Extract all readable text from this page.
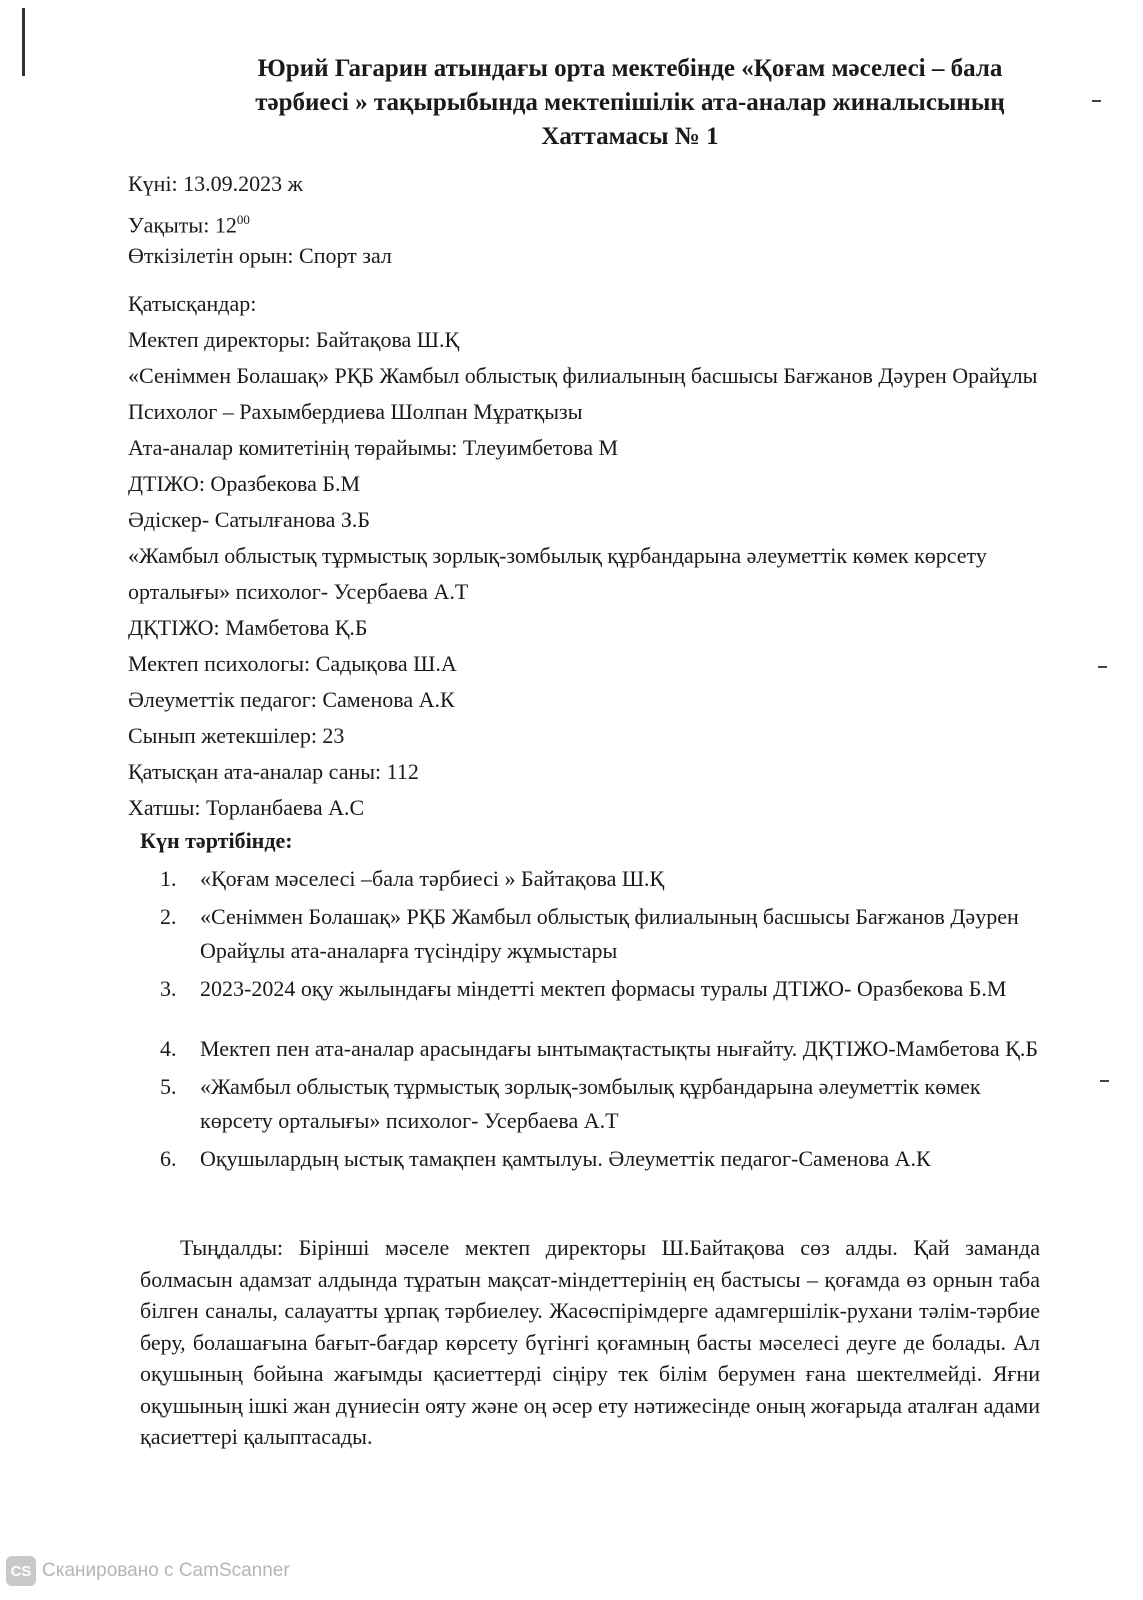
Юрий Гагарин атындағы орта мектебінде «Қоғам мәселесі – бала
тәрбиесі » тақырыбында мектепішілік ата-аналар жиналысының
Хаттамасы № 1
Күні: 13.09.2023 ж
Уақыты: $12^{00}$
Өткізілетін орын: Спорт зал
Қатысқандар:
Мектеп директоры: Байтақова Ш.Қ
«Сеніммен Болашақ» РҚБ Жамбыл облыстық филиалының басшысы Бағжанов Дәурен Орайұлы
Психолог – Рахымбердиева Шолпан Мұратқызы
Ата-аналар комитетінің төрайымы: Тлеуимбетова М
ДТІЖО: Оразбекова Б.М
Әдіскер- Сатылғанова З.Б
«Жамбыл облыстық тұрмыстық зорлық-зомбылық құрбандарына әлеуметтік көмек көрсету орталығы» психолог- Усербаева А.Т
ДҚТІЖО: Мамбетова Қ.Б
Мектеп психологы: Садықова Ш.А
Әлеуметтік педагог: Саменова А.К
Сынып жетекшілер: 23
Қатысқан ата-аналар саны: 112
Хатшы: Торланбаева А.С
Күн тәртібінде:
1.	«Қоғам мәселесі –бала тәрбиесі » Байтақова Ш.Қ
2.	«Сеніммен Болашақ» РҚБ Жамбыл облыстық филиалының басшысы Бағжанов Дәурен Орайұлы ата-аналарға түсіндіру жұмыстары
3.	2023-2024 оқу жылындағы міндетті мектеп формасы туралы ДТІЖО- Оразбекова Б.М
4.	Мектеп пен ата-аналар арасындағы ынтымақтастықты нығайту. ДҚТІЖО-Мамбетова Қ.Б
5.	«Жамбыл облыстық тұрмыстық зорлық-зомбылық құрбандарына әлеуметтік көмек көрсету орталығы» психолог- Усербаева А.Т
6.	Оқушылардың ыстық тамақпен қамтылуы. Әлеуметтік педагог-Саменова А.К
Тыңдалды: Бірінші мәселе мектеп директоры Ш.Байтақова сөз алды. Қай заманда болмасын адамзат алдында тұратын мақсат-міндеттерінің ең бастысы – қоғамда өз орнын таба білген саналы, салауатты ұрпақ тәрбиелеу. Жасөспірімдерге адамгершілік-рухани тәлім-тәрбие беру, болашағына бағыт-бағдар көрсету бүгінгі қоғамның басты мәселесі деуге де болады. Ал оқушының бойына жағымды қасиеттерді сіңіру тек білім берумен ғана шектелмейді. Яғни оқушының ішкі жан дүниесін ояту және оң әсер ету нәтижесінде оның жоғарыда аталған адами қасиеттері қалыптасады.
CS Сканировано с CamScanner
